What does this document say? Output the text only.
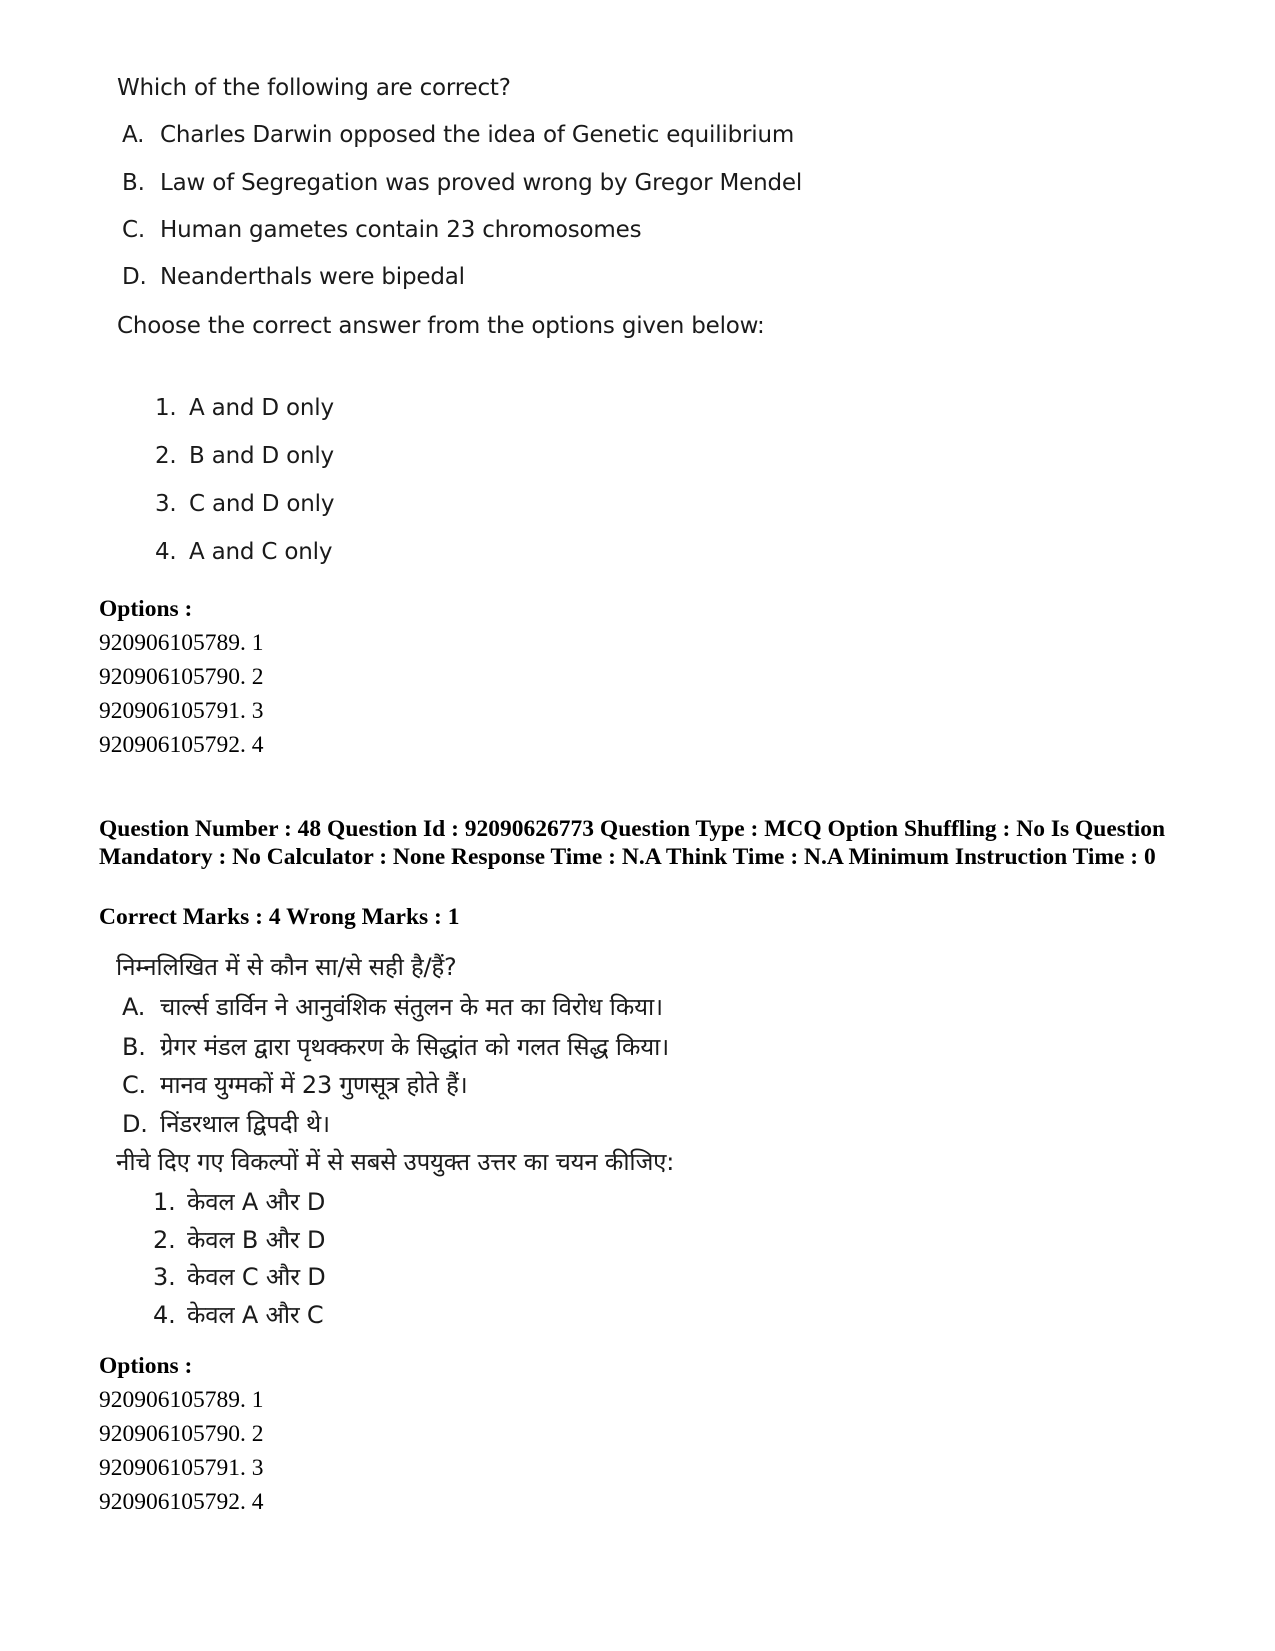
Which of the following are correct?
A. Charles Darwin opposed the idea of Genetic equilibrium
B. Law of Segregation was proved wrong by Gregor Mendel
C. Human gametes contain 23 chromosomes
D. Neanderthals were bipedal
Choose the correct answer from the options given below:
1. A and D only
2. B and D only
3. C and D only
4. A and C only
Options :
920906105789. 1
920906105790. 2
920906105791. 3
920906105792. 4
Question Number : 48 Question Id : 92090626773 Question Type : MCQ Option Shuffling : No Is Question Mandatory : No Calculator : None Response Time : N.A Think Time : N.A Minimum Instruction Time : 0
Correct Marks : 4 Wrong Marks : 1
निम्नलिखित में से कौन सा/से सही है/हैं?
A. चार्ल्स डार्विन ने आनुवंशिक संतुलन के मत का विरोध किया।
B. ग्रेगर मंडल द्वारा पृथक्करण के सिद्धांत को गलत सिद्ध किया।
C. मानव युग्मकों में 23 गुणसूत्र होते हैं।
D. निंडरथाल द्विपदी थे।
नीचे दिए गए विकल्पों में से सबसे उपयुक्त उत्तर का चयन कीजिए:
1. केवल A और D
2. केवल B और D
3. केवल C और D
4. केवल A और C
Options :
920906105789. 1
920906105790. 2
920906105791. 3
920906105792. 4
